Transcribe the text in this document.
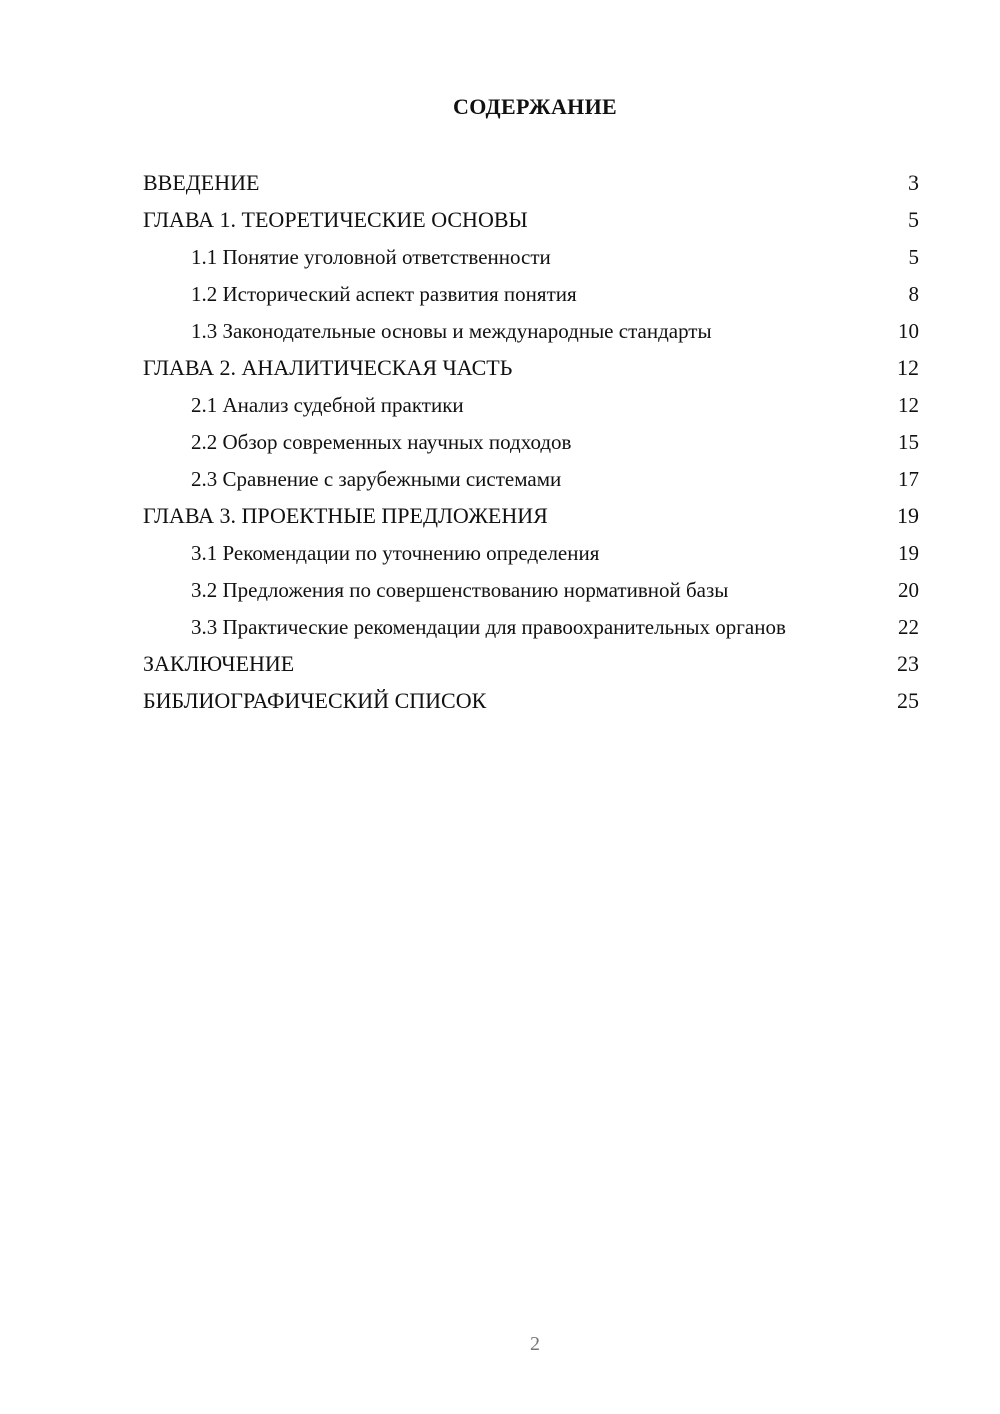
СОДЕРЖАНИЕ
ВВЕДЕНИЕ	3
ГЛАВА 1. ТЕОРЕТИЧЕСКИЕ ОСНОВЫ	5
1.1 Понятие уголовной ответственности	5
1.2 Исторический аспект развития понятия	8
1.3 Законодательные основы и международные стандарты	10
ГЛАВА 2. АНАЛИТИЧЕСКАЯ ЧАСТЬ	12
2.1 Анализ судебной практики	12
2.2 Обзор современных научных подходов	15
2.3 Сравнение с зарубежными системами	17
ГЛАВА 3. ПРОЕКТНЫЕ ПРЕДЛОЖЕНИЯ	19
3.1 Рекомендации по уточнению определения	19
3.2 Предложения по совершенствованию нормативной базы	20
3.3 Практические рекомендации для правоохранительных органов	22
ЗАКЛЮЧЕНИЕ	23
БИБЛИОГРАФИЧЕСКИЙ СПИСОК	25
2
